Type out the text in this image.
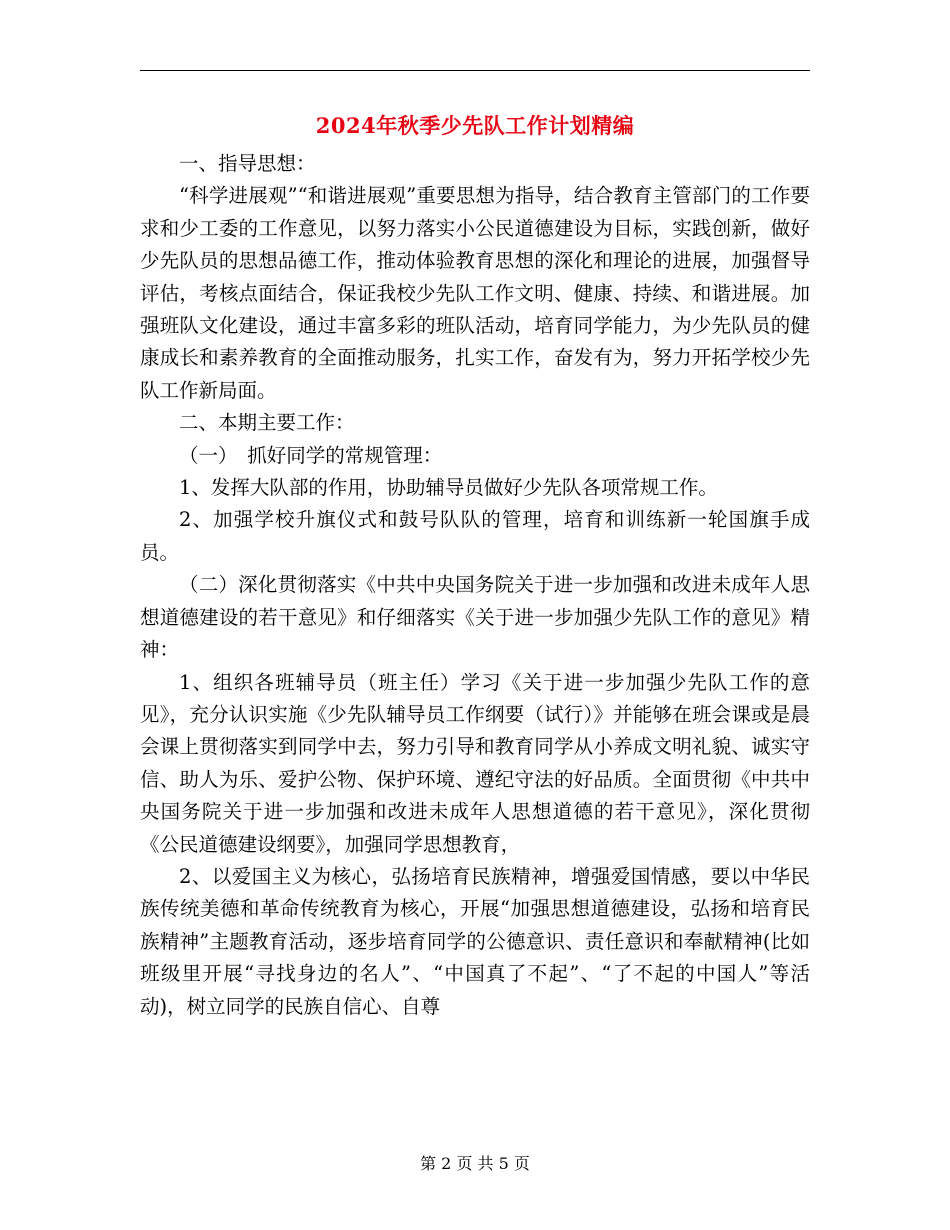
2024年秋季少先队工作计划精编

一、指导思想：

“科学进展观”“和谐进展观”重要思想为指导，结合教育主管部门的工作要求和少工委的工作意见，以努力落实小公民道德建设为目标，实践创新，做好少先队员的思想品德工作，推动体验教育思想的深化和理论的进展，加强督导评估，考核点面结合，保证我校少先队工作文明、健康、持续、和谐进展。加强班队文化建设，通过丰富多彩的班队活动，培育同学能力，为少先队员的健康成长和素养教育的全面推动服务，扎实工作，奋发有为，努力开拓学校少先队工作新局面。

二、本期主要工作：

（一）　抓好同学的常规管理：

1、发挥大队部的作用，协助辅导员做好少先队各项常规工作。

2、加强学校升旗仪式和鼓号队队的管理，培育和训练新一轮国旗手成员。

（二）深化贯彻落实《中共中央国务院关于进一步加强和改进未成年人思想道德建设的若干意见》和仔细落实《关于进一步加强少先队工作的意见》精神：

1、组织各班辅导员（班主任）学习《关于进一步加强少先队工作的意见》，充分认识实施《少先队辅导员工作纲要（试行）》并能够在班会课或是晨会课上贯彻落实到同学中去，努力引导和教育同学从小养成文明礼貌、诚实守信、助人为乐、爱护公物、保护环境、遵纪守法的好品质。全面贯彻《中共中央国务院关于进一步加强和改进未成年人思想道德的若干意见》，深化贯彻《公民道德建设纲要》，加强同学思想教育，

2、以爱国主义为核心，弘扬培育民族精神，增强爱国情感，要以中华民族传统美德和革命传统教育为核心，开展“加强思想道德建设，弘扬和培育民族精神”主题教育活动，逐步培育同学的公德意识、责任意识和奉献精神(比如班级里开展“寻找身边的名人”、“中国真了不起”、“了不起的中国人”等活动)，树立同学的民族自信心、自尊

第 2 页 共 5 页
